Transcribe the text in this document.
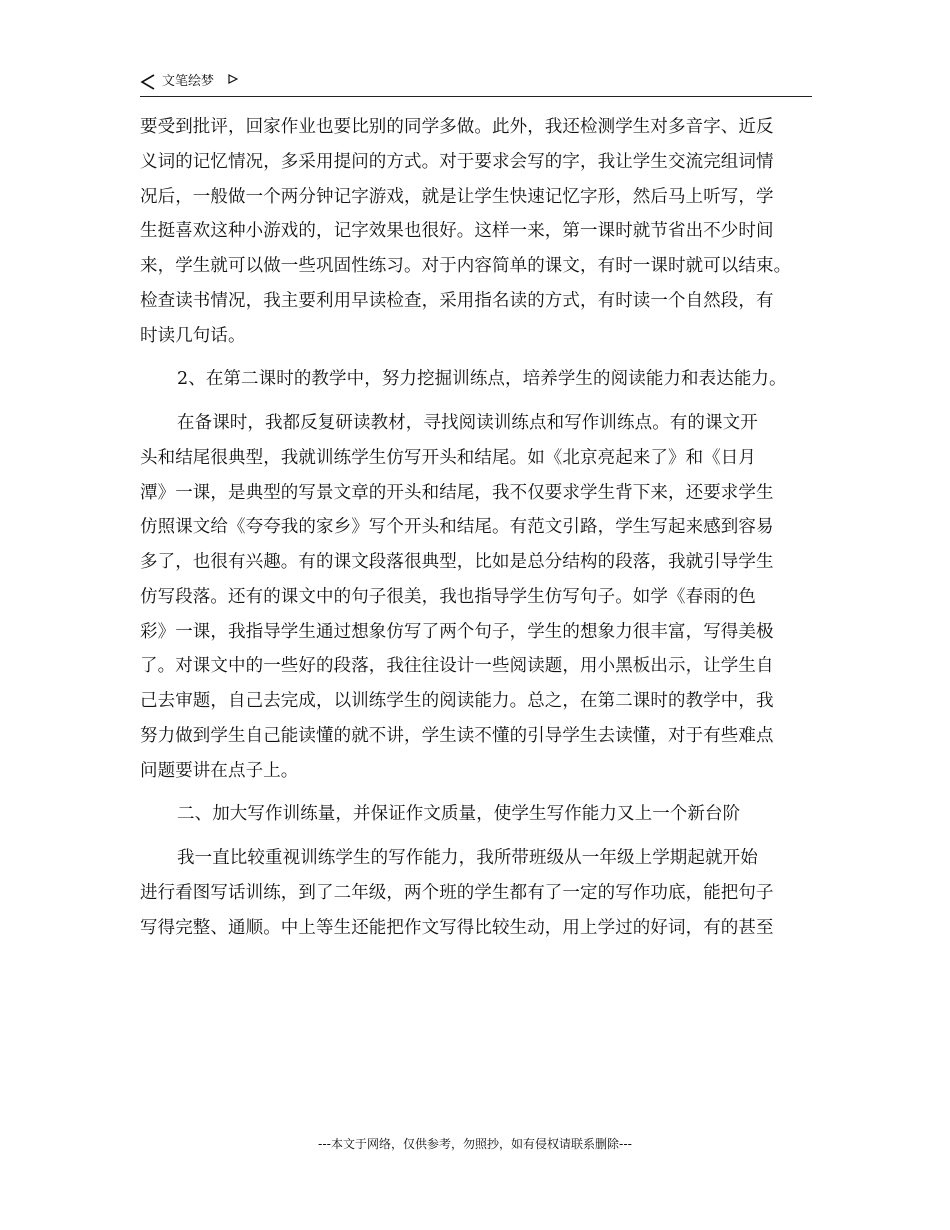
文笔绘梦
要受到批评，回家作业也要比别的同学多做。此外，我还检测学生对多音字、近反
义词的记忆情况，多采用提问的方式。对于要求会写的字，我让学生交流完组词情
况后，一般做一个两分钟记字游戏，就是让学生快速记忆字形，然后马上听写，学
生挺喜欢这种小游戏的，记字效果也很好。这样一来，第一课时就节省出不少时间
来，学生就可以做一些巩固性练习。对于内容简单的课文，有时一课时就可以结束。
检查读书情况，我主要利用早读检查，采用指名读的方式，有时读一个自然段，有
时读几句话。
2、在第二课时的教学中，努力挖掘训练点，培养学生的阅读能力和表达能力。
在备课时，我都反复研读教材，寻找阅读训练点和写作训练点。有的课文开
头和结尾很典型，我就训练学生仿写开头和结尾。如《北京亮起来了》和《日月
潭》一课，是典型的写景文章的开头和结尾，我不仅要求学生背下来，还要求学生
仿照课文给《夸夸我的家乡》写个开头和结尾。有范文引路，学生写起来感到容易
多了，也很有兴趣。有的课文段落很典型，比如是总分结构的段落，我就引导学生
仿写段落。还有的课文中的句子很美，我也指导学生仿写句子。如学《春雨的色
彩》一课，我指导学生通过想象仿写了两个句子，学生的想象力很丰富，写得美极
了。对课文中的一些好的段落，我往往设计一些阅读题，用小黑板出示，让学生自
己去审题，自己去完成，以训练学生的阅读能力。总之，在第二课时的教学中，我
努力做到学生自己能读懂的就不讲，学生读不懂的引导学生去读懂，对于有些难点
问题要讲在点子上。
二、加大写作训练量，并保证作文质量，使学生写作能力又上一个新台阶
我一直比较重视训练学生的写作能力，我所带班级从一年级上学期起就开始
进行看图写话训练，到了二年级，两个班的学生都有了一定的写作功底，能把句子
写得完整、通顺。中上等生还能把作文写得比较生动，用上学过的好词，有的甚至
---本文于网络，仅供参考，勿照抄，如有侵权请联系删除---
